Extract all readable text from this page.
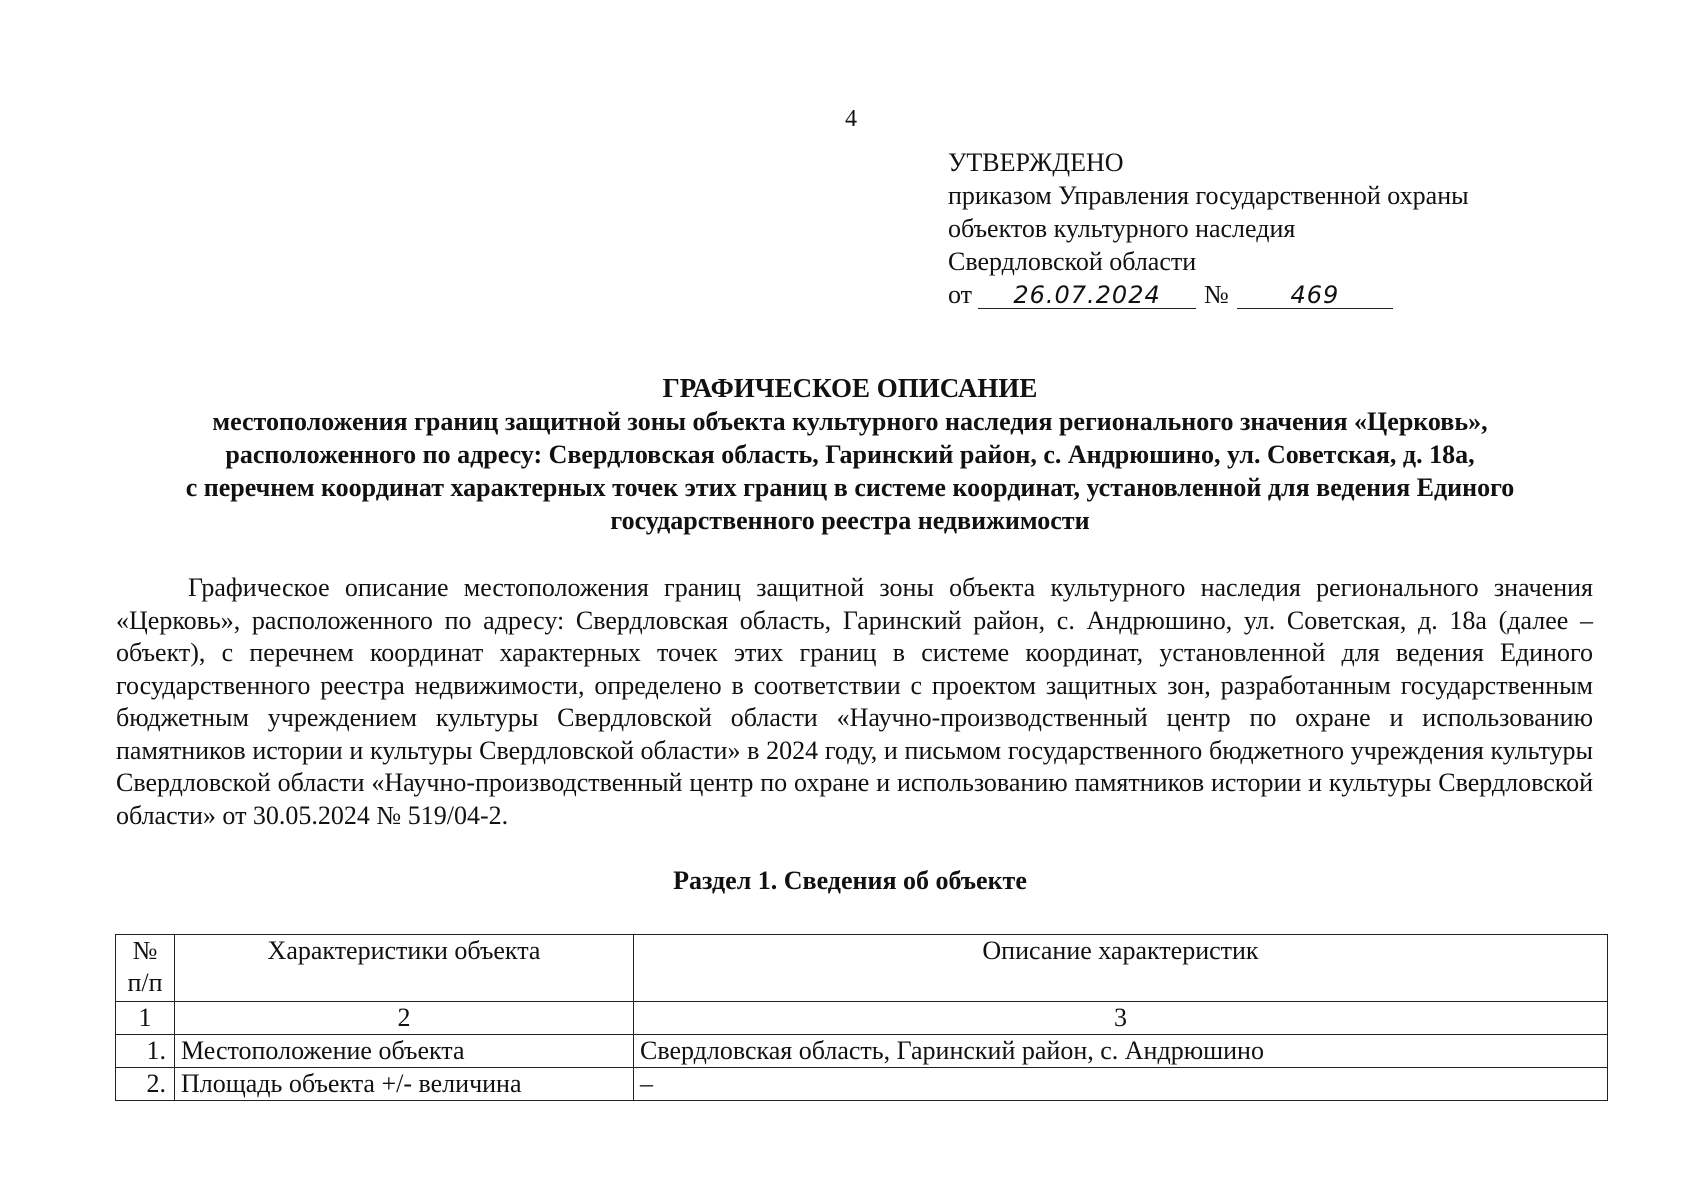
4
УТВЕРЖДЕНО
приказом Управления государственной охраны
объектов культурного наследия
Свердловской области
от 26.07.2024 №	469
ГРАФИЧЕСКОЕ ОПИСАНИЕ
местоположения границ защитной зоны объекта культурного наследия регионального значения «Церковь»,
расположенного по адресу: Свердловская область, Гаринский район, с. Андрюшино, ул. Советская, д. 18а,
с перечнем координат характерных точек этих границ в системе координат, установленной для ведения Единого
государственного реестра недвижимости
Графическое описание местоположения границ защитной зоны объекта культурного наследия регионального значения «Церковь», расположенного по адресу: Свердловская область, Гаринский район, с. Андрюшино, ул. Советская, д. 18а (далее – объект), с перечнем координат характерных точек этих границ в системе координат, установленной для ведения Единого государственного реестра недвижимости, определено в соответствии с проектом защитных зон, разработанным государственным бюджетным учреждением культуры Свердловской области «Научно-производственный центр по охране и использованию памятников истории и культуры Свердловской области» в 2024 году, и письмом государственного бюджетного учреждения культуры Свердловской области «Научно-производственный центр по охране и использованию памятников истории и культуры Свердловской области» от 30.05.2024 № 519/04-2.
Раздел 1. Сведения об объекте
№
п/п	Характеристики объекта	Описание характеристик
1	2	3
1.	Местоположение объекта	Свердловская область, Гаринский район, с. Андрюшино
2.	Площадь объекта +/- величина	–
